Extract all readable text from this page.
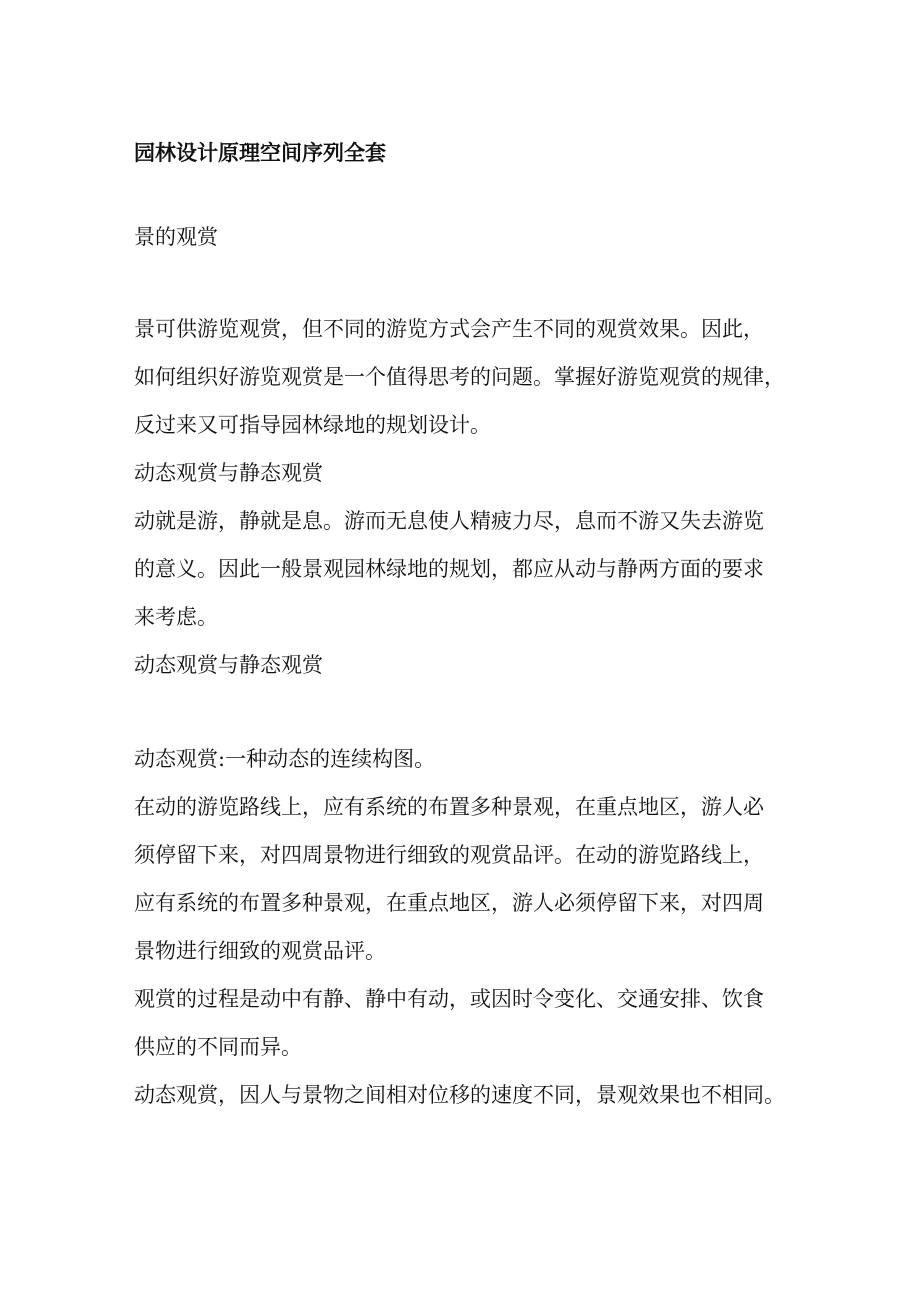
园林设计原理空间序列全套
景的观赏
景可供游览观赏，但不同的游览方式会产生不同的观赏效果。因此，
如何组织好游览观赏是一个值得思考的问题。掌握好游览观赏的规律，
反过来又可指导园林绿地的规划设计。
动态观赏与静态观赏
动就是游，静就是息。游而无息使人精疲力尽，息而不游又失去游览
的意义。因此一般景观园林绿地的规划，都应从动与静两方面的要求
来考虑。
动态观赏与静态观赏
动态观赏:一种动态的连续构图。
在动的游览路线上，应有系统的布置多种景观，在重点地区，游人必
须停留下来，对四周景物进行细致的观赏品评。在动的游览路线上，
应有系统的布置多种景观，在重点地区，游人必须停留下来，对四周
景物进行细致的观赏品评。
观赏的过程是动中有静、静中有动，或因时令变化、交通安排、饮食
供应的不同而异。
动态观赏，因人与景物之间相对位移的速度不同，景观效果也不相同。
